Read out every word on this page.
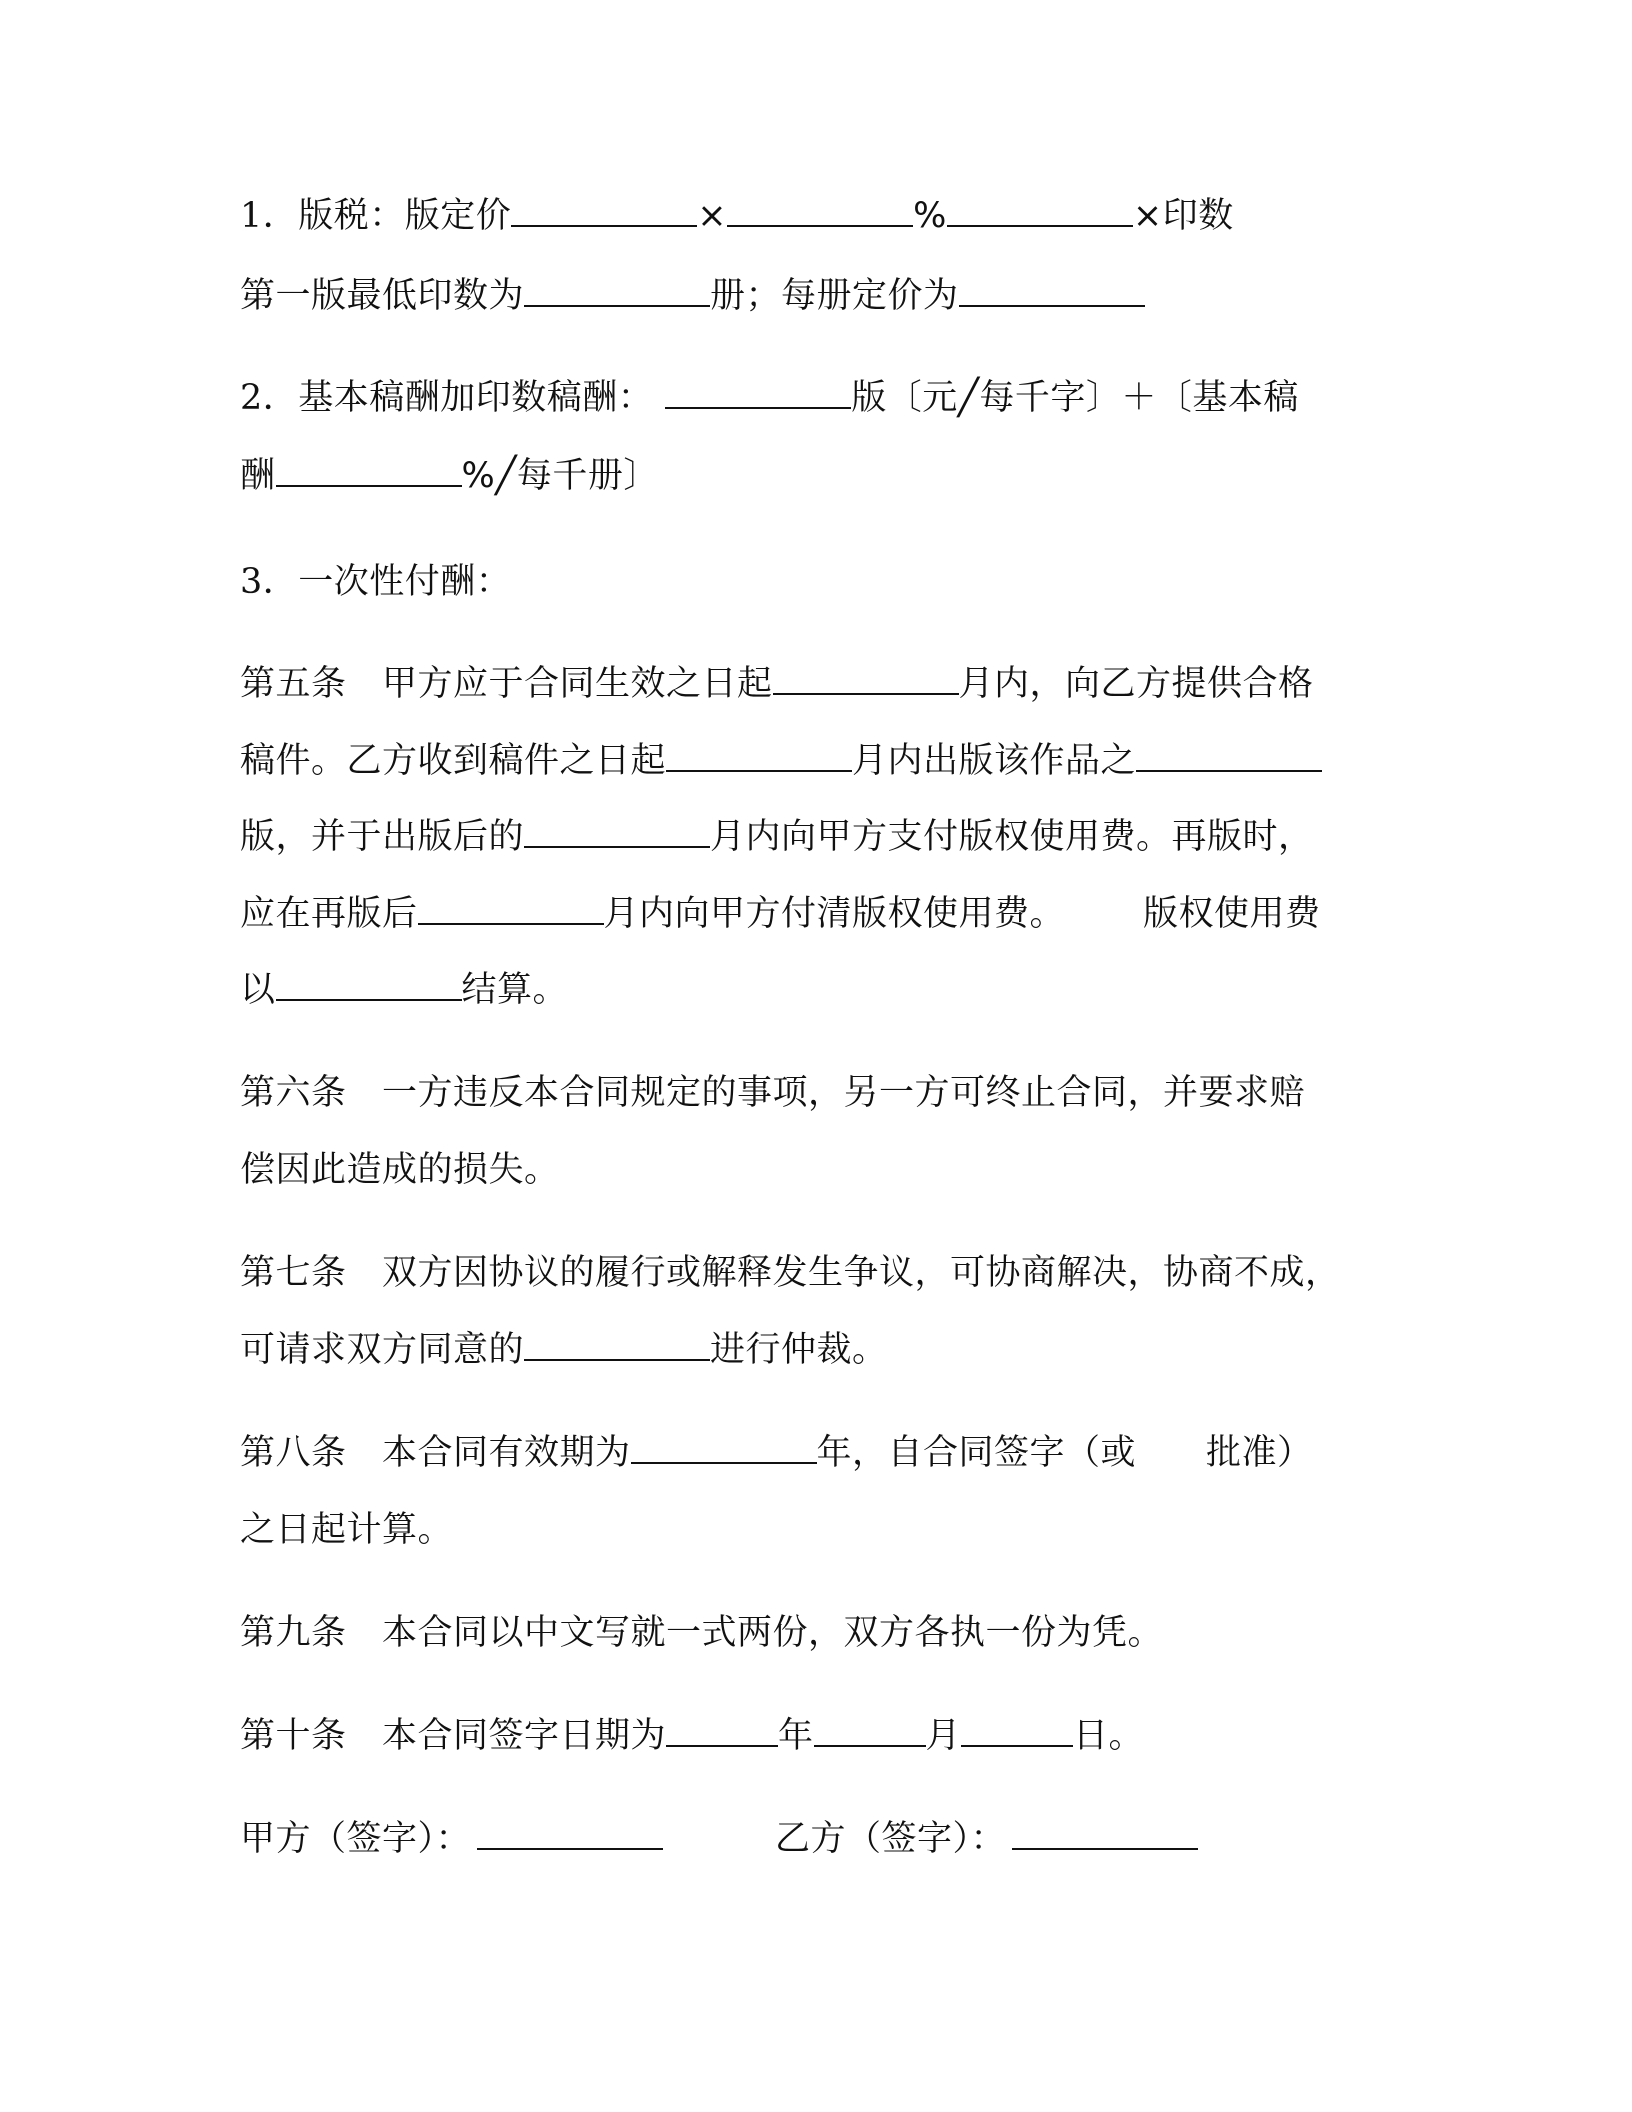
1．版税：版定价	×	%	×印数
第一版最低印数为	册；每册定价为
2．基本稿酬加印数稿酬：	版〔元╱每千字〕＋〔基本稿
酬	%╱每千册〕
3．一次性付酬：
第五条　甲方应于合同生效之日起	月内，向乙方提供合格
稿件。乙方收到稿件之日起	月内出版该作品之
版，并于出版后的	月内向甲方支付版权使用费。再版时，
应在再版后	月内向甲方付清版权使用费。 版权使用费
以	结算。
第六条　一方违反本合同规定的事项，另一方可终止合同，并要求赔
偿因此造成的损失。
第七条　双方因协议的履行或解释发生争议，可协商解决，协商不成，
可请求双方同意的	进行仲裁。
第八条　本合同有效期为	年，自合同签字（或 批准）
之日起计算。
第九条　本合同以中文写就一式两份，双方各执一份为凭。
第十条　本合同签字日期为	年	月	日。
甲方（签字）：	乙方（签字）：
